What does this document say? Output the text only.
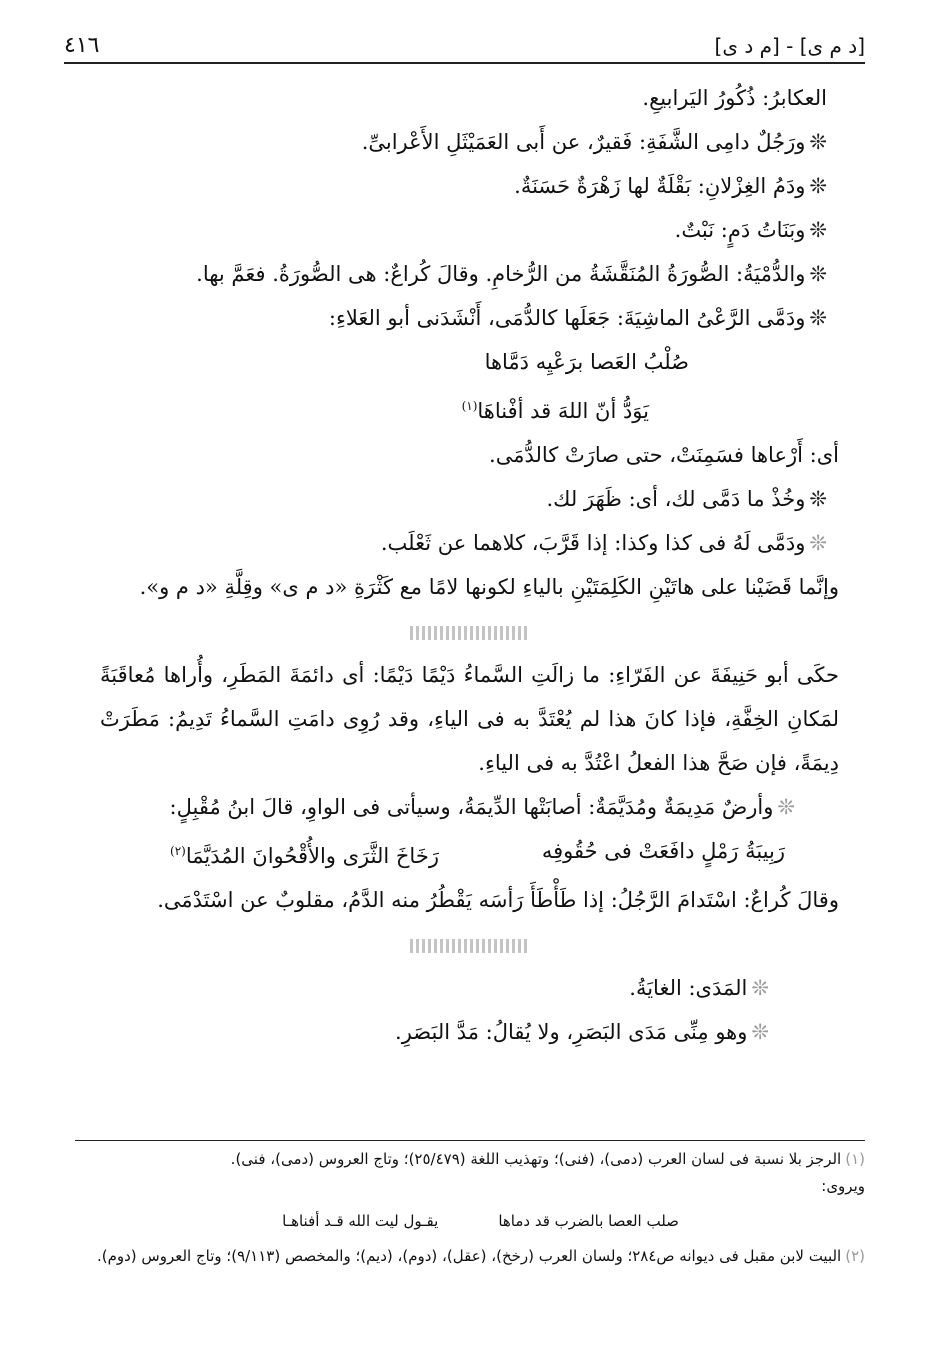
[د م ى] - [م د ى]
٤١٦
العكابرُ: ذُكُورُ اليَرابيعِ.
❊ورَجُلٌ دامِى الشَّفَةِ: فَقيرٌ، عن أَبى العَمَيْثَلِ الأَعْرابىِّ.
❊ودَمُ الغِزْلانِ: بَقْلَةٌ لها زَهْرَةٌ حَسَنَةٌ.
❊وبَنَاتُ دَمٍ: نَبْتٌ.
❊والدُّمْيَةُ: الصُّورَةُ المُنَقَّشَةُ من الرُّخامِ. وقالَ كُراعٌ: هى الصُّورَةُ. فعَمَّ بها.
❊ودَمَّى الرَّعْىُ الماشِيَةَ: جَعَلَها كالدُّمَى، أَنْشَدَنى أبو العَلاءِ:
صُلْبُ العَصا برَعْيِه دَمَّاها
يَوَدُّ أنّ اللهَ قد أفْناهَا$^{(١)}$
أى: أَرْعاها فسَمِنَتْ، حتى صارَتْ كالدُّمَى.
❊وخُذْ ما دَمَّى لك، أى: ظَهَرَ لك.
❊ودَمَّى لَهُ فى كذا وكذا: إذا قَرَّبَ، كلاهما عن ثَعْلَب.
وإنَّما قَضَيْنا على هاتَيْنِ الكَلِمَتَيْنِ بالياءِ لكونها لامًا مع كَثْرَةِ «د م ى» وقِلَّةِ «د م و».
حكَى أبو حَنِيفَةَ عن الفَرّاءِ: ما زالَتِ السَّماءُ دَيْمًا دَيْمًا: أى دائمَةَ المَطَرِ، وأُراها مُعاقَبَةً لمَكانِ الخِفَّةِ، فإذا كانَ هذا لم يُعْتَدَّ به فى الياءِ، وقد رُوِى دامَتِ السَّماءُ تَدِيمُ: مَطَرَتْ دِيمَةً، فإن صَحَّ هذا الفعلُ اعْتُدَّ به فى الياءِ.
❊وأرضٌ مَدِيمَةٌ ومُدَيَّمَةٌ: أصابَتْها الدِّيمَةُ، وسيأتى فى الواوِ، قالَ ابنُ مُقْبِلٍ:
رَبِيبَةُ رَمْلٍ دافَعَتْ فى حُقُوفِه
رَخَاخَ الثَّرَى والأُقْحُوانَ المُدَيَّمَا$^{(٢)}$
وقالَ كُراعٌ: اسْتَدامَ الرَّجُلُ: إذا طَأْطَأَ رَأسَه يَقْطُرُ منه الدَّمُ، مقلوبٌ عن اسْتَدْمَى.
❊المَدَى: الغايَةُ.
❊وهو مِنِّى مَدَى البَصَرِ، ولا يُقالُ: مَدَّ البَصَرِ.
(١)الرجز بلا نسبة فى لسان العرب (دمى)، (فنى)؛ وتهذيب اللغة (٢٥/٤٧٩)؛ وتاج العروس (دمى)، فنى).
ويروى:
صلب العصا بالضرب قد دماها
يقـول ليت الله قـد أفناهـا
(٢)البيت لابن مقبل فى ديوانه ص٢٨٤؛ ولسان العرب (رخخ)، (عقل)، (دوم)، (ديم)؛ والمخصص (٩/١١٣)؛ وتاج العروس (دوم).
